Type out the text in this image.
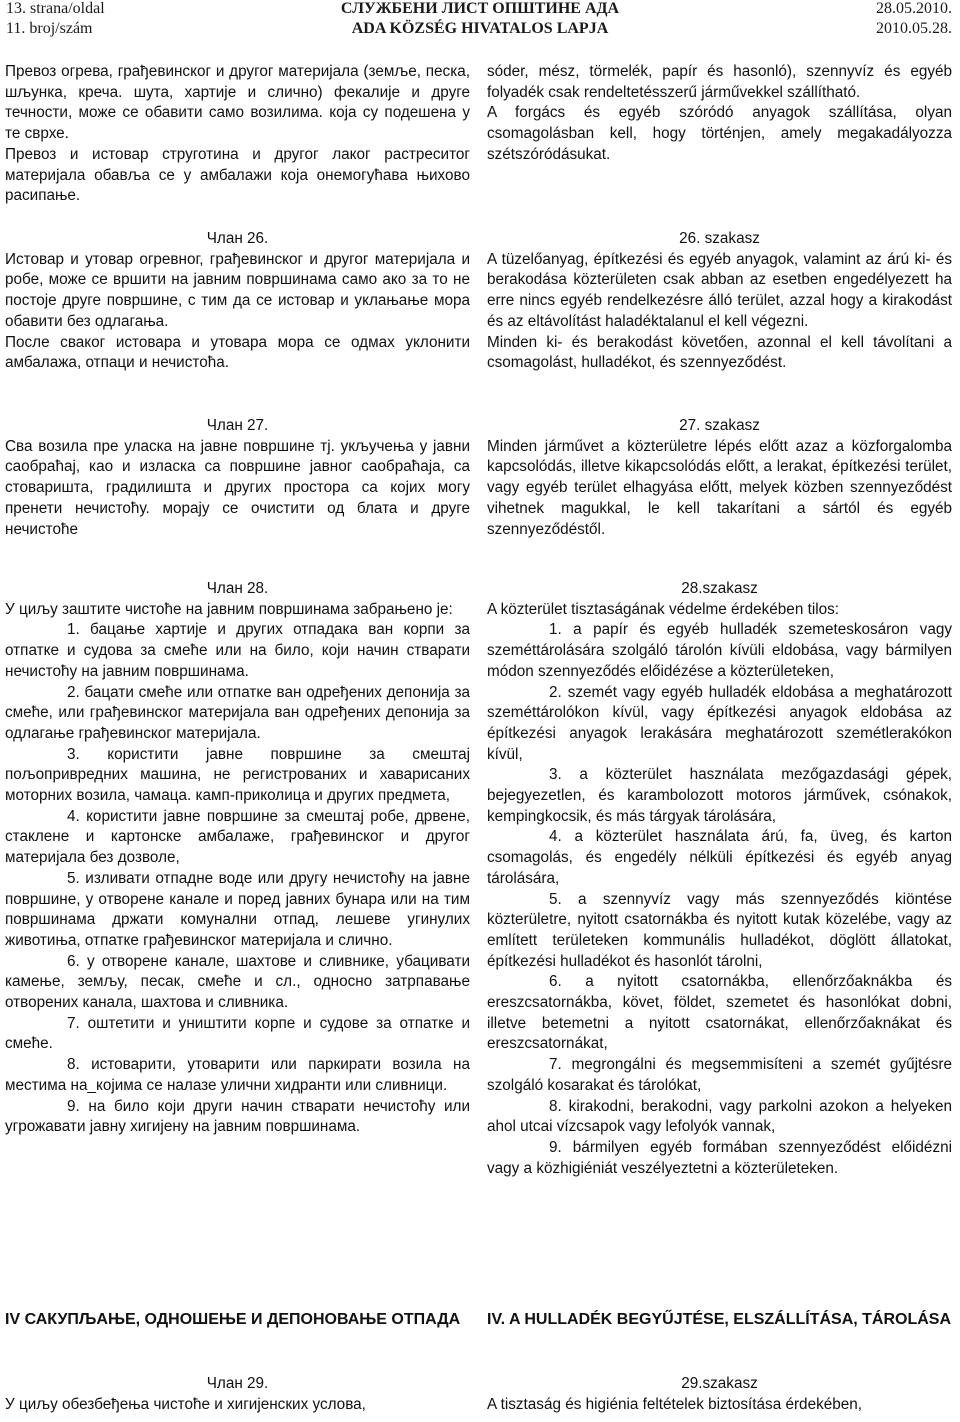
13. strana/oldal
11. broj/szám
СЛУЖБЕНИ ЛИСТ ОПШТИНЕ АДА
ADA KÖZSÉG HIVATALOS LAPJA
28.05.2010.
2010.05.28.

Превоз огрева, грађевинског и другог материјала (земље, песка, шљунка, креча. шута, хартије и слично) фекалије и друге течности, може се обавити само возилима. која су подешена у те сврхе.

Превоз и истовар струготина и другог лаког растреситог материјала обавља се у амбалажи која онемогућава њихово расипање.

Члан 26.

Истовар и утовар огревног, грађевинског и другог материјала и робе, може се вршити на јавним површинама само ако за то не постоје друге површине, с тим да се истовар и уклањање мора обавити без одлагања.

После сваког истовара и утовара мора се одмах уклонити амбалажа, отпаци и нечистоћа.

Члан 27.

Сва возила пре уласка на јавне површине тј. укључења у јавни саобраћај, као и изласка са површине јавног саобраћаја, са стоваришта, градилишта и других простора са којих могу пренети нечистоћу. морају се очистити од блата и друге нечистоће

Члан 28.

У циљу заштите чистоће на јавним површинама забрањено је:

1. бацање хартије и других отпадака ван корпи за отпатке и судова за смеће или на било, који начин стварати нечистоћу на јавним површинама.

2. бацати смеће или отпатке ван одређених депонија за смеће, или грађевинског материјала ван одређених депонија за одлагање грађевинског материјала.

3. користити јавне површине за смештај пољопривредних машина, не регистрованих и хаварисаних моторних возила, чамаца. камп-приколица и других предмета,

4. користити јавне површине за смештај робе, дрвене, стаклене и картонске амбалаже, грађевинског и другог материјала без дозволе,

5. изливати отпадне воде или другу нечистоћу на јавне површине, у отворене канале и поред јавних бунара или на тим површинама држати комунални отпад, лешеве угинулих животиња, отпатке грађевинског материјала и слично.

6. у отворене канале, шахтове и сливнике, убацивати камење, земљу, песак, смеће и сл., односно затрпавање отворених канала, шахтова и сливника.

7. оштетити и уништити корпе и судове за отпатке и смеће.

8. истоварити, утоварити или паркирати возила на местима на_којима се налазе улични хидранти или сливници.

9. на било који други начин стварати нечистоћу или угрожавати јавну хигијену на јавним површинама.

IV САКУПЉАЊЕ, ОДНОШЕЊЕ И ДЕПОНОВАЊЕ ОТПАДА

Члан 29.

У циљу обезбеђења чистоће и хигијенских услова,

sóder, mész, törmelék, papír és hasonló), szennyvíz és egyéb folyadék csak rendeltetésszerű járművekkel szállítható.

A forgács és egyéb szóródó anyagok szállítása, olyan csomagolásban kell, hogy történjen, amely megakadályozza szétszóródásukat.

26. szakasz

A tüzelőanyag, építkezési és egyéb anyagok, valamint az árú ki- és berakodása közterületen csak abban az esetben engedélyezett ha erre nincs egyéb rendelkezésre álló terület, azzal hogy a kirakodást és az eltávolítást haladéktalanul el kell végezni.

Minden ki- és berakodást követően, azonnal el kell távolítani a csomagolást, hulladékot, és szennyeződést.

27. szakasz

Minden járművet a közterületre lépés előtt azaz a közforgalomba kapcsolódás, illetve kikapcsolódás előtt, a lerakat, építkezési terület, vagy egyéb terület elhagyása előtt, melyek közben szennyeződést vihetnek magukkal, le kell takarítani a sártól és egyéb szennyeződéstől.

28.szakasz

A közterület tisztaságának védelme érdekében tilos:

1. a papír és egyéb hulladék szemeteskosáron vagy szeméttárolására szolgáló tárolón kívüli eldobása, vagy bármilyen módon szennyeződés előidézése a közterületeken,

2. szemét vagy egyéb hulladék eldobása a meghatározott szeméttárolókon kívül, vagy építkezési anyagok eldobása az építkezési anyagok lerakására meghatározott szemétlerakókon kívül,

3. a közterület használata mezőgazdasági gépek, bejegyezetlen, és karambolozott motoros járművek, csónakok, kempingkocsik, és más tárgyak tárolására,

4. a közterület használata árú, fa, üveg, és karton csomagolás, és engedély nélküli építkezési és egyéb anyag tárolására,

5. a szennyvíz vagy más szennyeződés kiöntése közterületre, nyitott csatornákba és nyitott kutak közelébe, vagy az említett területeken kommunális hulladékot, döglött állatokat, építkezési hulladékot és hasonlót tárolni,

6. a nyitott csatornákba, ellenőrzőaknákba és ereszcsatornákba, követ, földet, szemetet és hasonlókat dobni, illetve betemetni a nyitott csatornákat, ellenőrzőaknákat és ereszcsatornákat,

7. megrongálni és megsemmisíteni a szemét gyűjtésre szolgáló kosarakat és tárolókat,

8. kirakodni, berakodni, vagy parkolni azokon a helyeken ahol utcai vízcsapok vagy lefolyók vannak,

9. bármilyen egyéb formában szennyeződést előidézni vagy a közhigiéniát veszélyeztetni a közterületeken.

IV. A HULLADÉK BEGYŰJTÉSE, ELSZÁLLÍTÁSA, TÁROLÁSA

29.szakasz

A tisztaság és higiénia feltételek biztosítása érdekében,
